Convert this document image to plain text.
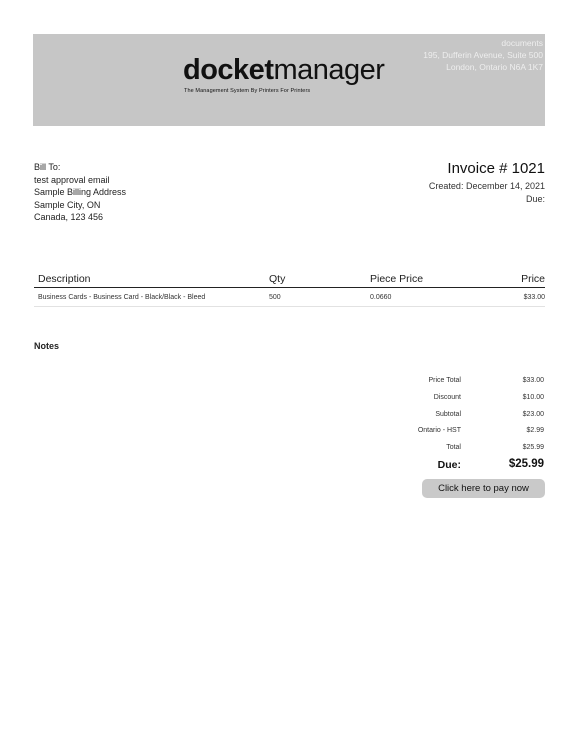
docketmanager
The Management System By Printers For Printers
documents
195, Dufferin Avenue, Suite 500
London, Ontario N6A 1K7
Bill To:
test approval email
Sample Billing Address
Sample City, ON
Canada, 123 456
Invoice # 1021
Created: December 14, 2021
Due:
Description	Qty	Piece Price	Price
Business Cards - Business Card - Black/Black - Bleed	500	0.0660	$33.00
Notes
Price Total	$33.00
Discount	$10.00
Subtotal	$23.00
Ontario - HST	$2.99
Total	$25.99
Due:	$25.99
Click here to pay now
